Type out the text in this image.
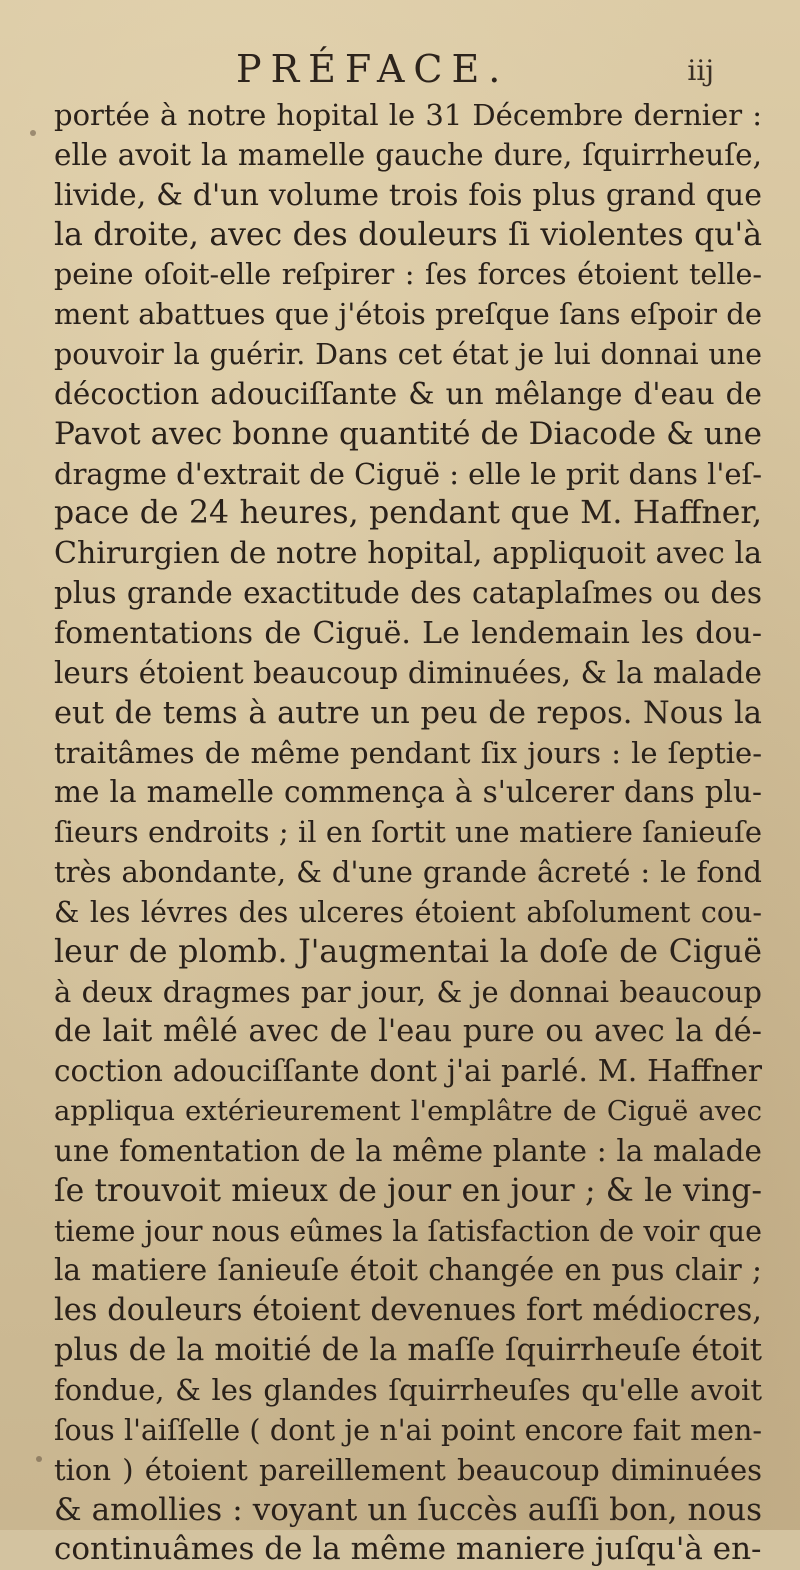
PRÉFACE.	iij
portée à notre hopital le 31 Décembre dernier :
elle avoit la mamelle gauche dure, ſquirrheuſe,
livide, & d'un volume trois fois plus grand que
la droite, avec des douleurs ſi violentes qu'à
peine oſoit-elle reſpirer : ſes forces étoient telle-
ment abattues que j'étois preſque ſans eſpoir de
pouvoir la guérir. Dans cet état je lui donnai une
décoction adouciſſante & un mêlange d'eau de
Pavot avec bonne quantité de Diacode & une
dragme d'extrait de Ciguë : elle le prit dans l'eſ-
pace de 24 heures, pendant que M. Haffner,
Chirurgien de notre hopital, appliquoit avec la
plus grande exactitude des cataplaſmes ou des
fomentations de Ciguë. Le lendemain les dou-
leurs étoient beaucoup diminuées, & la malade
eut de tems à autre un peu de repos. Nous la
traitâmes de même pendant ſix jours : le ſeptie-
me la mamelle commença à s'ulcerer dans plu-
ſieurs endroits ; il en ſortit une matiere ſanieuſe
très abondante, & d'une grande âcreté : le fond
& les lévres des ulceres étoient abſolument cou-
leur de plomb. J'augmentai la doſe de Ciguë
à deux dragmes par jour, & je donnai beaucoup
de lait mêlé avec de l'eau pure ou avec la dé-
coction adouciſſante dont j'ai parlé. M. Haffner
appliqua extérieurement l'emplâtre de Ciguë avec
une fomentation de la même plante : la malade
ſe trouvoit mieux de jour en jour ; & le ving-
tieme jour nous eûmes la ſatisfaction de voir que
la matiere ſanieuſe étoit changée en pus clair ;
les douleurs étoient devenues fort médiocres,
plus de la moitié de la maſſe ſquirrheuſe étoit
fondue, & les glandes ſquirrheuſes qu'elle avoit
ſous l'aiſſelle ( dont je n'ai point encore fait men-
tion ) étoient pareillement beaucoup diminuées
& amollies : voyant un ſuccès auſſi bon, nous
continuâmes de la même maniere juſqu'à en-
